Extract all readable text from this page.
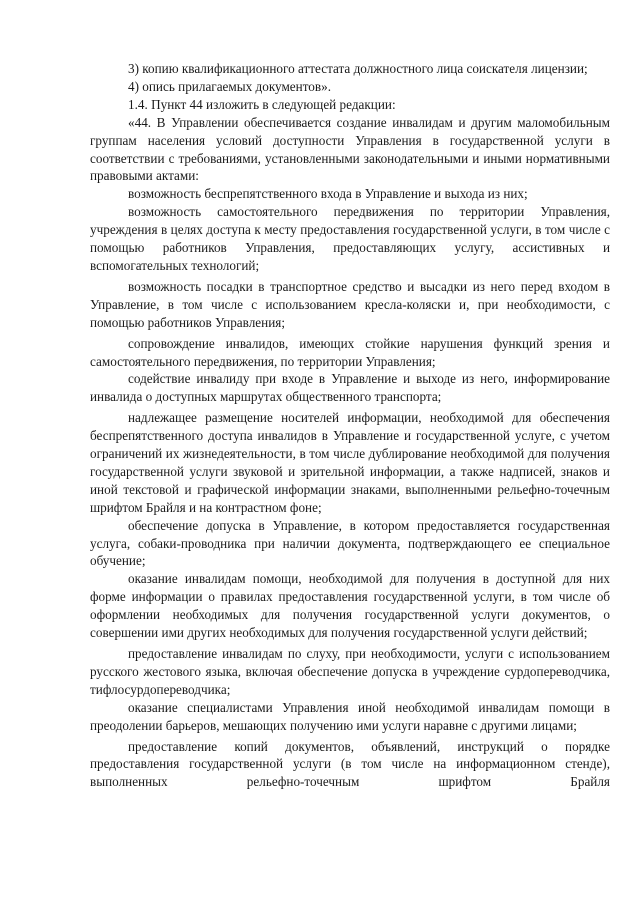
3) копию квалификационного аттестата должностного лица соискателя лицензии;

4) опись прилагаемых документов».

1.4. Пункт 44 изложить в следующей редакции:

«44. В Управлении обеспечивается создание инвалидам и другим маломобильным группам населения условий доступности Управления в государственной услуги в соответствии с требованиями, установленными законодательными и иными нормативными правовыми актами:

возможность беспрепятственного входа в Управление и выхода из них;

возможность самостоятельного передвижения по территории Управления, учреждения в целях доступа к месту предоставления государственной услуги, в том числе с помощью работников Управления, предоставляющих услугу, ассистивных и вспомогательных технологий;

возможность посадки в транспортное средство и высадки из него перед входом в Управление, в том числе с использованием кресла-коляски и, при необходимости, с помощью работников Управления;

сопровождение инвалидов, имеющих стойкие нарушения функций зрения и самостоятельного передвижения, по территории Управления;

содействие инвалиду при входе в Управление и выходе из него, информирование инвалида о доступных маршрутах общественного транспорта;

надлежащее размещение носителей информации, необходимой для обеспечения беспрепятственного доступа инвалидов в Управление и государственной услуге, с учетом ограничений их жизнедеятельности, в том числе дублирование необходимой для получения государственной услуги звуковой и зрительной информации, а также надписей, знаков и иной текстовой и графической информации знаками, выполненными рельефно-точечным шрифтом Брайля и на контрастном фоне;

обеспечение допуска в Управление, в котором предоставляется государственная услуга, собаки-проводника при наличии документа, подтверждающего ее специальное обучение;

оказание инвалидам помощи, необходимой для получения в доступной для них форме информации о правилах предоставления государственной услуги, в том числе об оформлении необходимых для получения государственной услуги документов, о совершении ими других необходимых для получения государственной услуги действий;

предоставление инвалидам по слуху, при необходимости, услуги с использованием русского жестового языка, включая обеспечение допуска в учреждение сурдопереводчика, тифлосурдопереводчика;

оказание специалистами Управления иной необходимой инвалидам помощи в преодолении барьеров, мешающих получению ими услуги наравне с другими лицами;

предоставление копий документов, объявлений, инструкций о порядке предоставления государственной услуги (в том числе на информационном стенде), выполненных рельефно-точечным шрифтом Брайля
